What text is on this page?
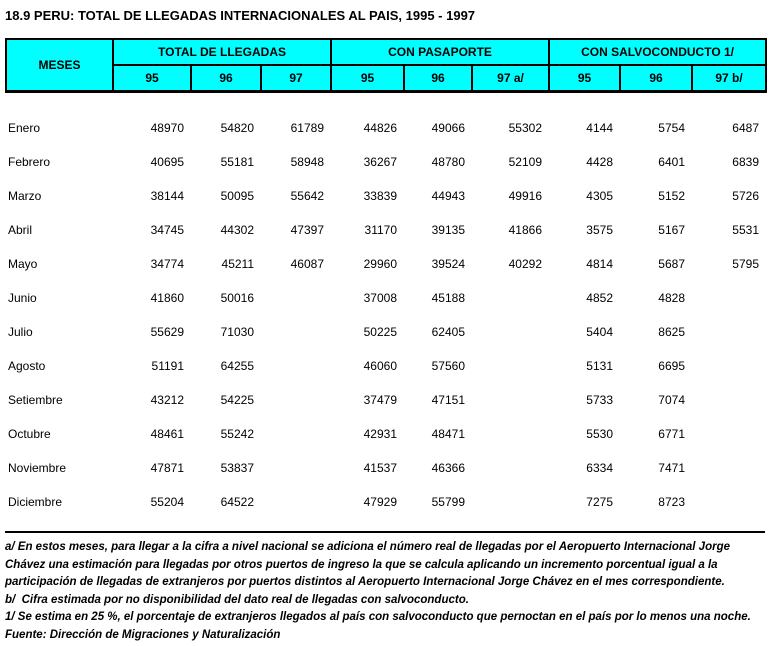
18.9 PERU: TOTAL DE LLEGADAS INTERNACIONALES AL PAIS, 1995 - 1997
MESES	TOTAL DE LLEGADAS			CON PASAPORTE			CON SALVOCONDUCTO 1/		
	95	96	97	95	96	97 a/	95	96	97 b/
Enero	48970	54820	61789	44826	49066	55302	4144	5754	6487
Febrero	40695	55181	58948	36267	48780	52109	4428	6401	6839
Marzo	38144	50095	55642	33839	44943	49916	4305	5152	5726
Abril	34745	44302	47397	31170	39135	41866	3575	5167	5531
Mayo	34774	45211	46087	29960	39524	40292	4814	5687	5795
Junio	41860	50016		37008	45188		4852	4828	
Julio	55629	71030		50225	62405		5404	8625	
Agosto	51191	64255		46060	57560		5131	6695	
Setiembre	43212	54225		37479	47151		5733	7074	
Octubre	48461	55242		42931	48471		5530	6771	
Noviembre	47871	53837		41537	46366		6334	7471	
Diciembre	55204	64522		47929	55799		7275	8723	
a/ En estos meses, para llegar a la cifra a nivel nacional se adiciona el número real de llegadas por el Aeropuerto Internacional Jorge Chávez una estimación para llegadas por otros puertos de ingreso la que se calcula aplicando un incremento porcentual igual a la participación de llegadas de extranjeros por puertos distintos al Aeropuerto Internacional Jorge Chávez en el mes correspondiente.
b/  Cifra estimada por no disponibilidad del dato real de llegadas con salvoconducto.
1/ Se estima en 25 %, el porcentaje de extranjeros llegados al país con salvoconducto que pernoctan en el país por lo menos una noche.
Fuente: Dirección de Migraciones y Naturalización
